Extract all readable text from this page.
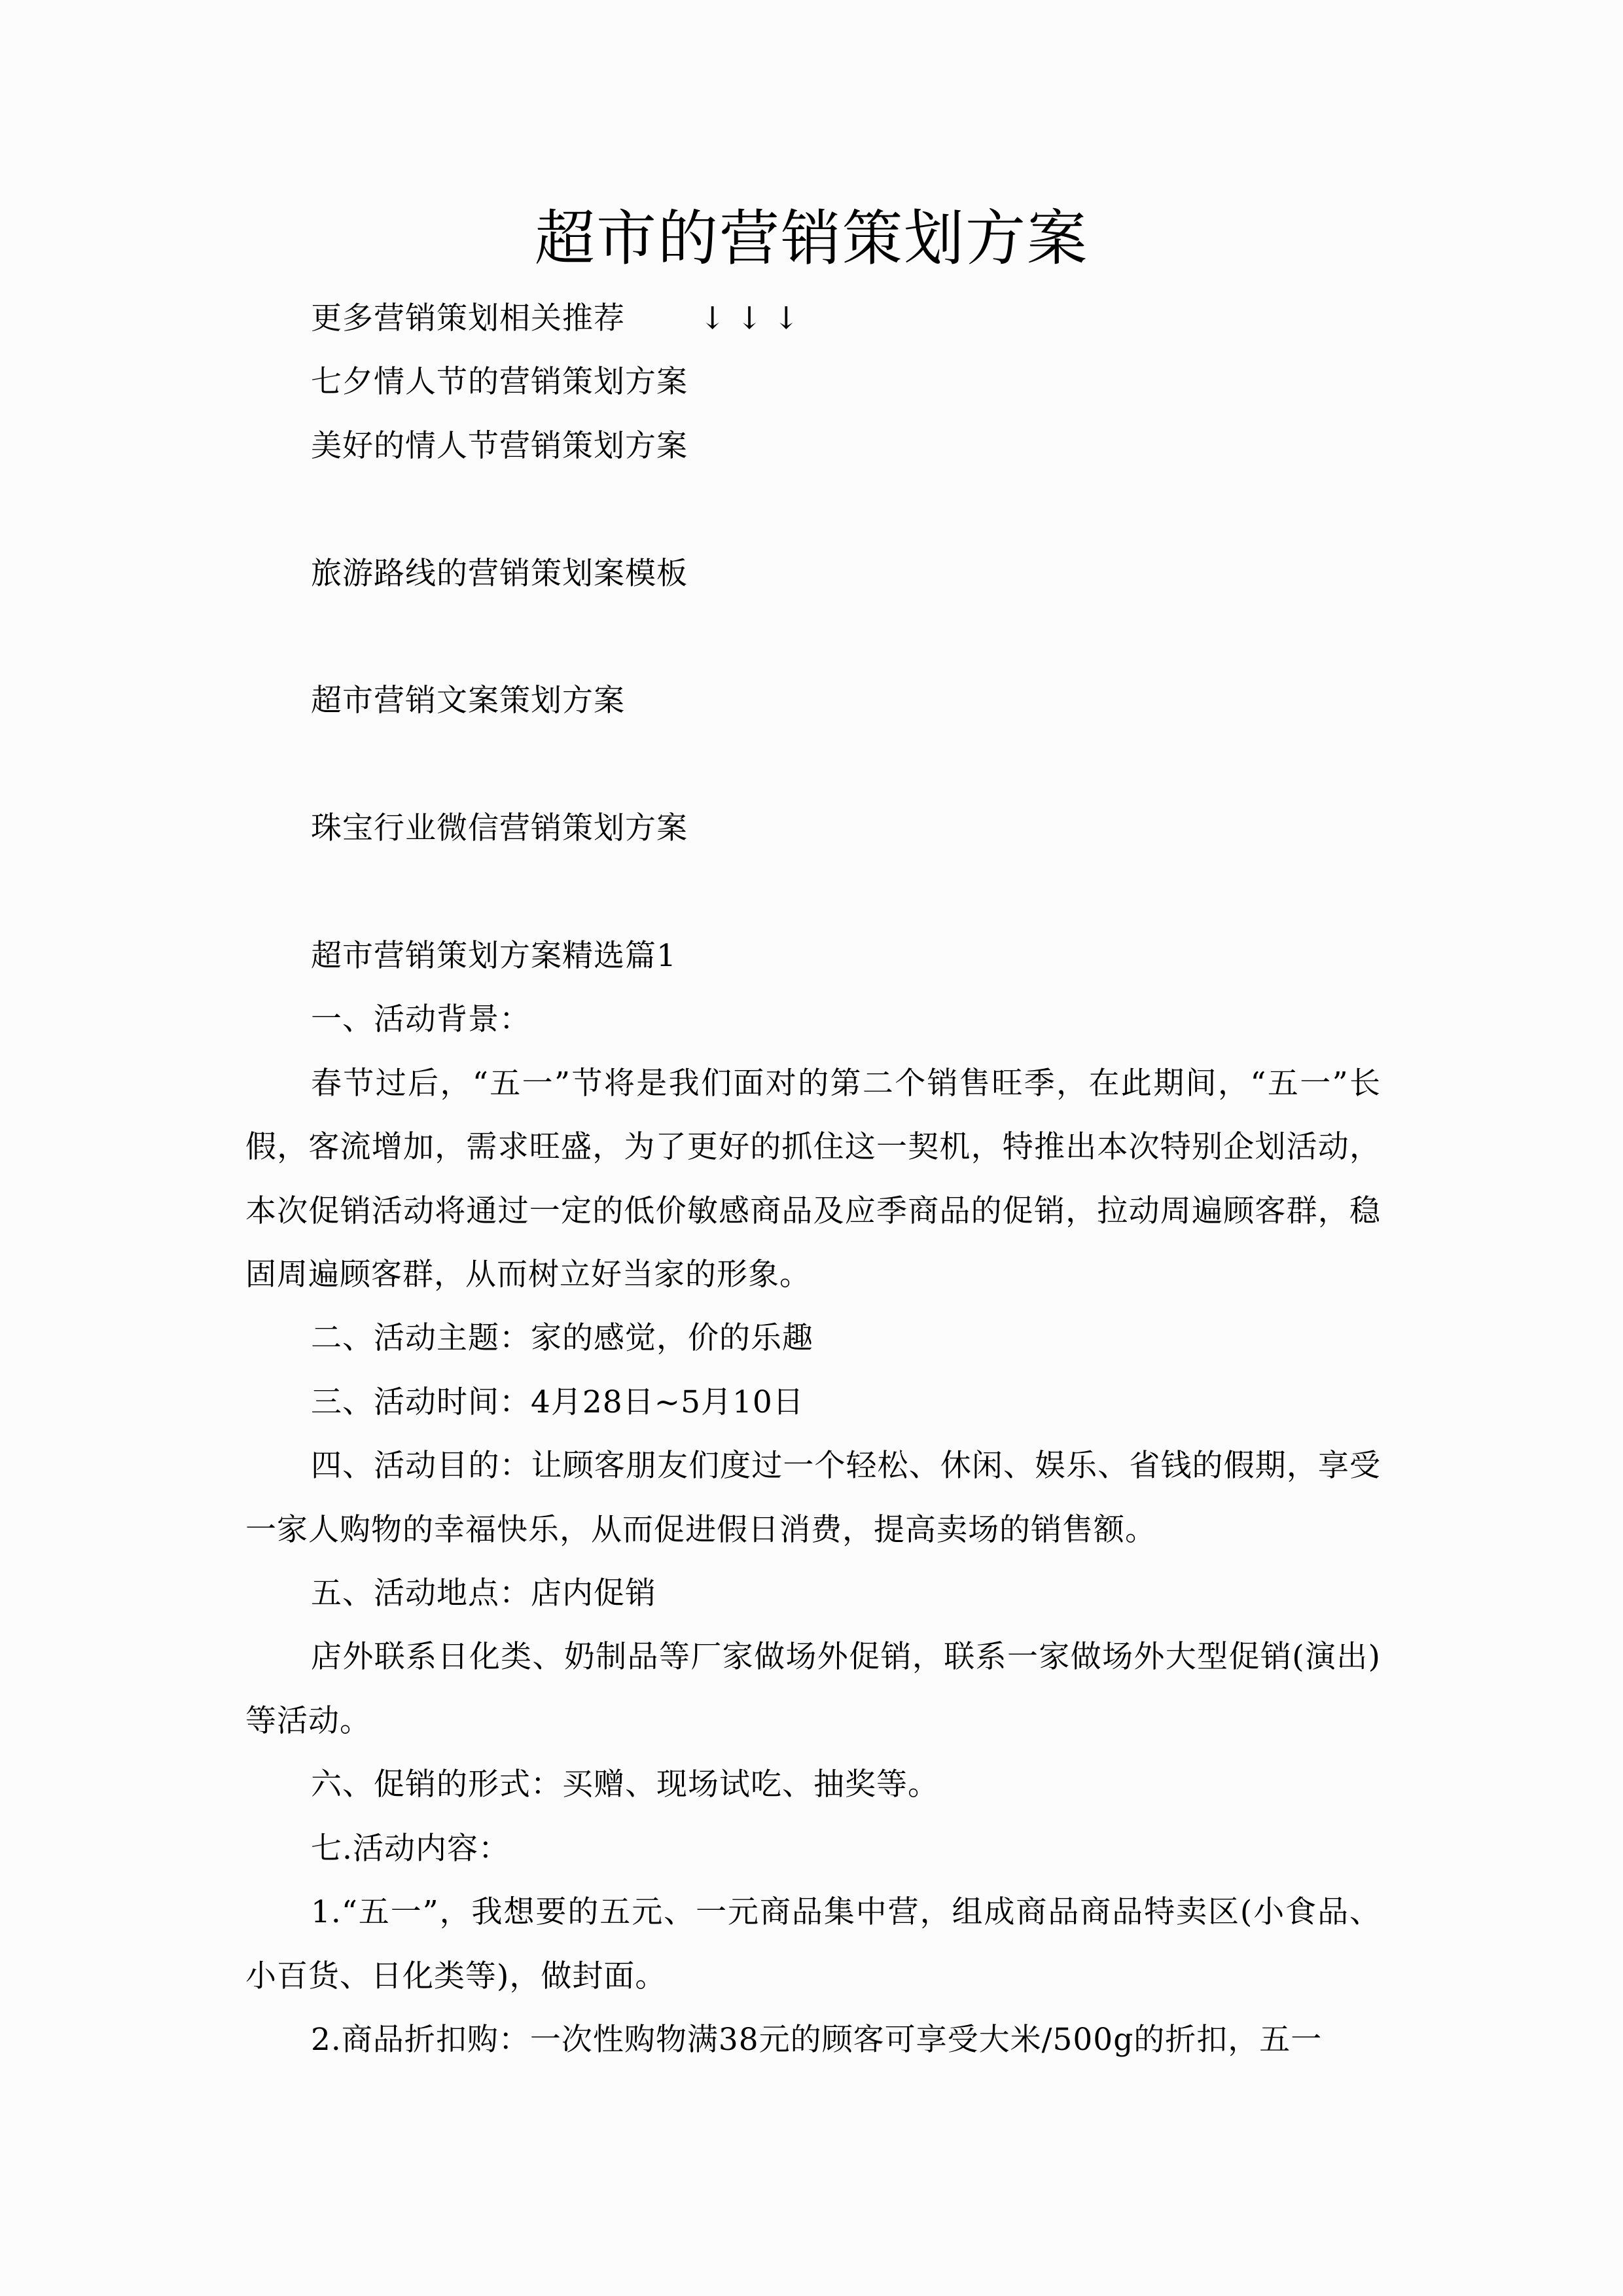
超市的营销策划方案

更多营销策划相关推荐 ↓ ↓ ↓

七夕情人节的营销策划方案

美好的情人节营销策划方案

旅游路线的营销策划案模板

超市营销文案策划方案

珠宝行业微信营销策划方案

超市营销策划方案精选篇1

一、活动背景：

春节过后，“五一”节将是我们面对的第二个销售旺季，在此期间，“五一”长假，客流增加，需求旺盛，为了更好的抓住这一契机，特推出本次特别企划活动，本次促销活动将通过一定的低价敏感商品及应季商品的促销，拉动周遍顾客群，稳固周遍顾客群，从而树立好当家的形象。

二、活动主题：家的感觉，价的乐趣

三、活动时间：4月28日~5月10日

四、活动目的：让顾客朋友们度过一个轻松、休闲、娱乐、省钱的假期，享受一家人购物的幸福快乐，从而促进假日消费，提高卖场的销售额。

五、活动地点：店内促销

店外联系日化类、奶制品等厂家做场外促销，联系一家做场外大型促销(演出)等活动。

六、促销的形式：买赠、现场试吃、抽奖等。

七.活动内容：

1.“五一”，我想要的五元、一元商品集中营，组成商品商品特卖区(小食品、小百货、日化类等)，做封面。

2.商品折扣购：一次性购物满38元的顾客可享受大米/500g的折扣，五一
